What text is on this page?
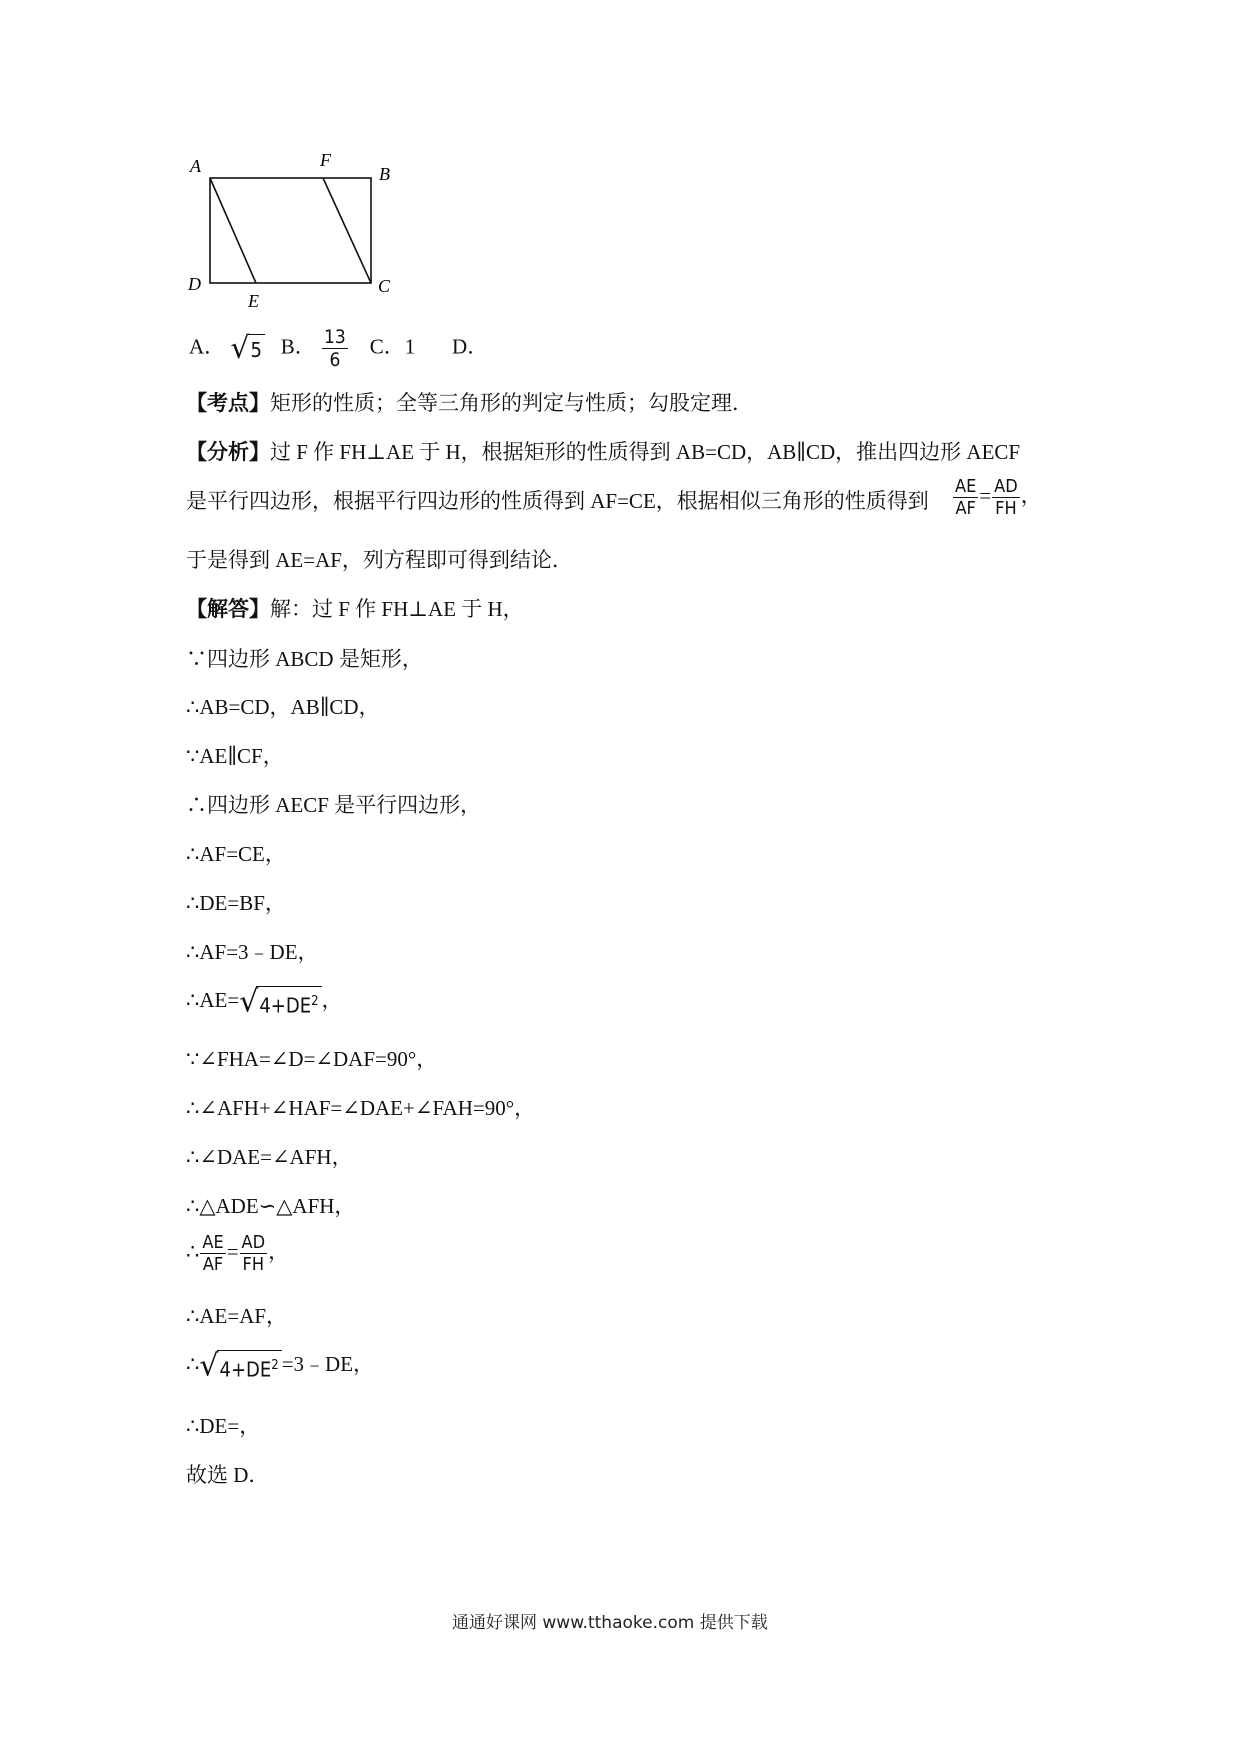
A	F
B
D
E
C
A． √5 B． $\frac{13}{6}$ C．1 D．
【考点】矩形的性质；全等三角形的判定与性质；勾股定理．
【分析】过 F 作 FH⊥AE 于 H，根据矩形的性质得到 AB=CD，AB∥CD，推出四边形 AECF
是平行四边形，根据平行四边形的性质得到 AF=CE，根据相似三角形的性质得到 $\frac{AE}{AF} = \frac{AD}{FH}$ ，
于是得到 AE=AF，列方程即可得到结论．
【解答】解：过 F 作 FH⊥AE 于 H，
∵四边形 ABCD 是矩形，
∴AB=CD，AB∥CD，
∵AE∥CF，
∴四边形 AECF 是平行四边形，
∴AF=CE，
∴DE=BF，
∴AF=3﹣DE，
$\therefore AE=√4+DE^2$ ，
∵∠FHA=∠D=∠DAF=90°，
∴∠AFH+∠HAF=∠DAE+∠FAH=90°，
∴∠DAE=∠AFH，
∴△ADE∽△AFH，
∴ $\frac{AE}{AF} = \frac{AD}{FH}$ ，
∴AE=AF，
$\therefore√4+DE^2$ =3﹣DE，
∴DE=，
故选 D．
通通好课网 www.tthaoke.com 提供下载
